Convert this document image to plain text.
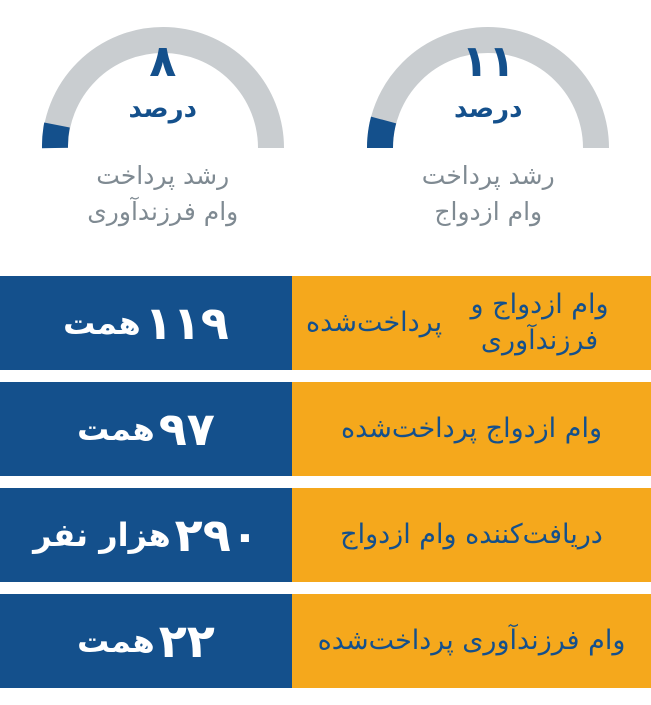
۱۱
درصد
رشد پرداخت
وام ازدواج
۸
درصد
رشد پرداخت
وام فرزندآوری
وام ازدواج و فرزندآوری
پرداخت‌شده
۱۱۹
همت
وام ازدواج پرداخت‌شده
۹۷
همت
دریافت‌کننده وام ازدواج
۲۹۰
هزار نفر
وام فرزندآوری پرداخت‌شده
۲۲
همت
